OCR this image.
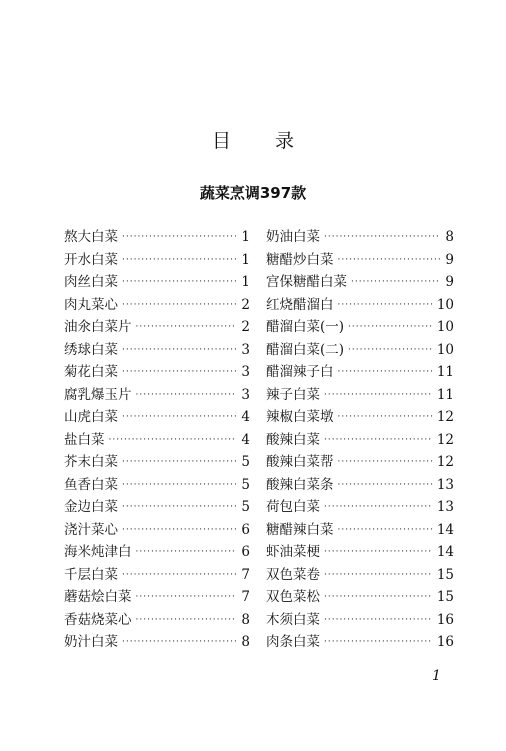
目 录
蔬菜烹调397款
熬大白菜 ·····	1
开水白菜 ·····	1
肉丝白菜 ·····	1
肉丸菜心 ·····	2
油氽白菜片 ·····	2
绣球白菜 ·····	3
菊花白菜 ·····	3
腐乳爆玉片 ·····	3
山虎白菜 ·····	4
盐白菜 ·····	4
芥末白菜 ·····	5
鱼香白菜 ·····	5
金边白菜 ·····	5
浇汁菜心 ·····	6
海米炖津白 ·····	6
千层白菜 ·····	7
蘑菇烩白菜 ·····	7
香菇烧菜心 ·····	8
奶汁白菜 ·····	8
奶油白菜 ·····	8
糖醋炒白菜 ·····	9
宫保糖醋白菜 ·····	9
红烧醋溜白 ·····	10
醋溜白菜(一) ·····	10
醋溜白菜(二) ·····	10
醋溜辣子白 ·····	11
辣子白菜 ·····	11
辣椒白菜墩 ·····	12
酸辣白菜 ·····	12
酸辣白菜帮 ·····	12
酸辣白菜条 ·····	13
荷包白菜 ·····	13
糖醋辣白菜 ·····	14
虾油菜梗 ·····	14
双色菜卷 ·····	15
双色菜松 ·····	15
木须白菜 ·····	16
肉条白菜 ·····	16
1
